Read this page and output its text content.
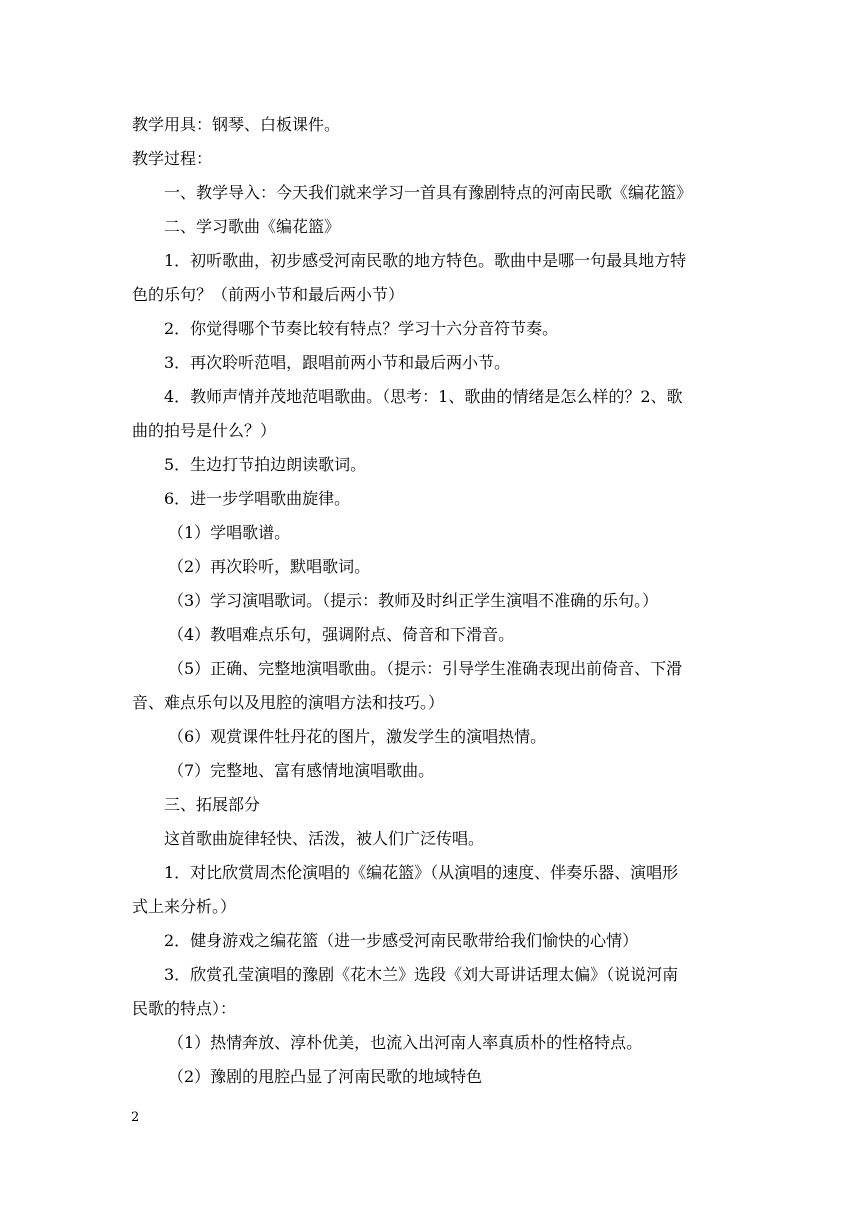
教学用具：钢琴、白板课件。

教学过程：

一、教学导入：今天我们就来学习一首具有豫剧特点的河南民歌《编花篮》

二、学习歌曲《编花篮》

1．初听歌曲，初步感受河南民歌的地方特色。歌曲中是哪一句最具地方特

色的乐句？（前两小节和最后两小节）

2．你觉得哪个节奏比较有特点？学习十六分音符节奏。

3．再次聆听范唱，跟唱前两小节和最后两小节。

4．教师声情并茂地范唱歌曲。（思考：1、歌曲的情绪是怎么样的？2、歌

曲的拍号是什么？）

5．生边打节拍边朗读歌词。

6．进一步学唱歌曲旋律。

（1）学唱歌谱。

（2）再次聆听，默唱歌词。

（3）学习演唱歌词。（提示：教师及时纠正学生演唱不准确的乐句。）

（4）教唱难点乐句，强调附点、倚音和下滑音。

（5）正确、完整地演唱歌曲。（提示：引导学生准确表现出前倚音、下滑

音、难点乐句以及甩腔的演唱方法和技巧。）

（6）观赏课件牡丹花的图片，激发学生的演唱热情。

（7）完整地、富有感情地演唱歌曲。

三、拓展部分

这首歌曲旋律轻快、活泼，被人们广泛传唱。

1．对比欣赏周杰伦演唱的《编花篮》（从演唱的速度、伴奏乐器、演唱形

式上来分析。）

2．健身游戏之编花篮（进一步感受河南民歌带给我们愉快的心情）

3．欣赏孔莹演唱的豫剧《花木兰》选段《刘大哥讲话理太偏》（说说河南

民歌的特点）：

（1）热情奔放、淳朴优美，也流入出河南人率真质朴的性格特点。

（2）豫剧的甩腔凸显了河南民歌的地域特色

2
